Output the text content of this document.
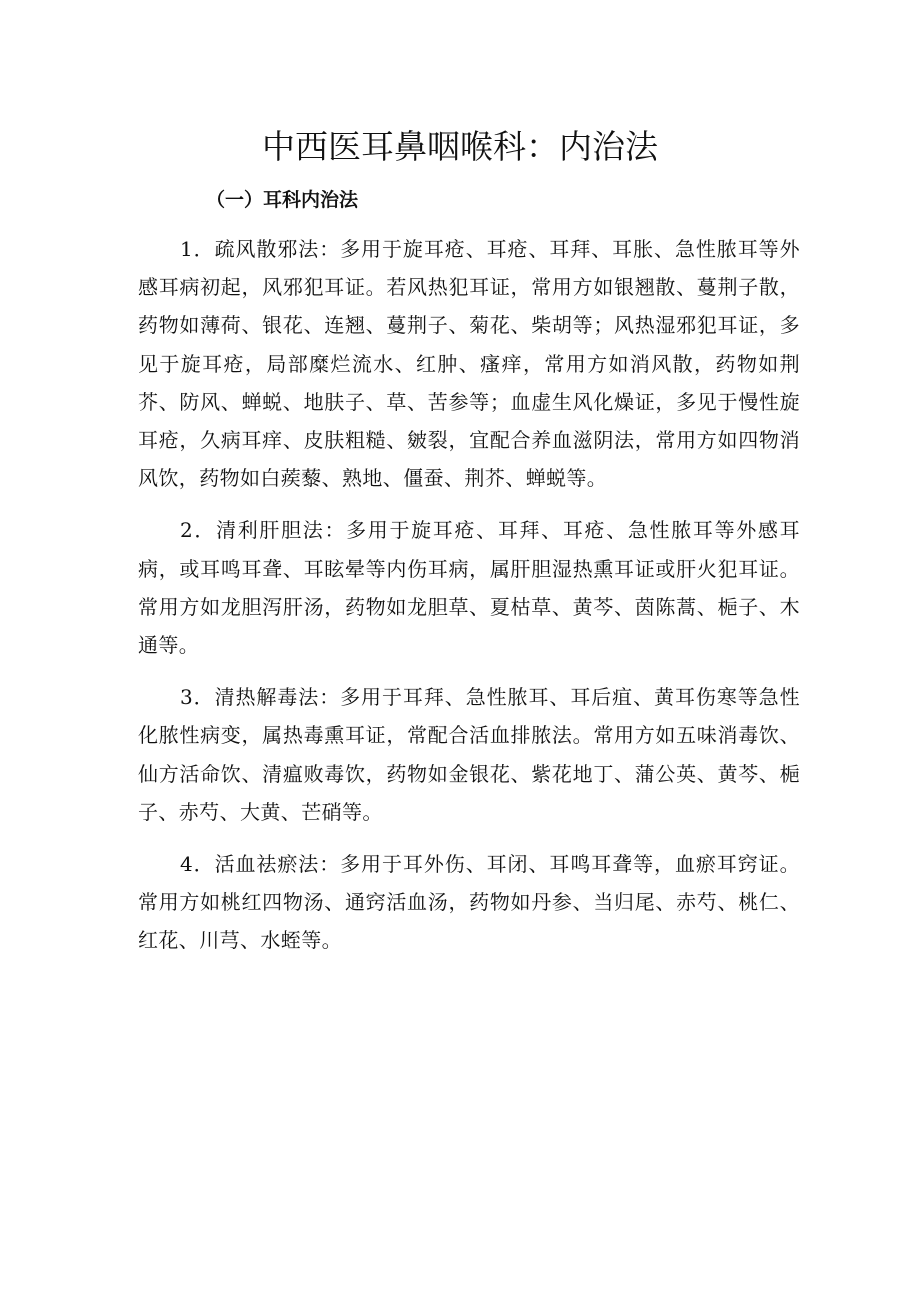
中西医耳鼻咽喉科：内治法
（一）耳科内治法

1．疏风散邪法：多用于旋耳疮、耳疮、耳拜、耳胀、急性脓耳等外感耳病初起，风邪犯耳证。若风热犯耳证，常用方如银翘散、蔓荆子散，药物如薄荷、银花、连翘、蔓荆子、菊花、柴胡等；风热湿邪犯耳证，多见于旋耳疮，局部糜烂流水、红肿、瘙痒，常用方如消风散，药物如荆芥、防风、蝉蜕、地肤子、草、苦参等；血虚生风化燥证，多见于慢性旋耳疮，久病耳痒、皮肤粗糙、皴裂，宜配合养血滋阴法，常用方如四物消风饮，药物如白蒺藜、熟地、僵蚕、荆芥、蝉蜕等。

2．清利肝胆法：多用于旋耳疮、耳拜、耳疮、急性脓耳等外感耳病，或耳鸣耳聋、耳眩晕等内伤耳病，属肝胆湿热熏耳证或肝火犯耳证。常用方如龙胆泻肝汤，药物如龙胆草、夏枯草、黄芩、茵陈蒿、梔子、木通等。

3．清热解毒法：多用于耳拜、急性脓耳、耳后疽、黄耳伤寒等急性化脓性病变，属热毒熏耳证，常配合活血排脓法。常用方如五味消毒饮、仙方活命饮、清瘟败毒饮，药物如金银花、紫花地丁、蒲公英、黄芩、梔子、赤芍、大黄、芒硝等。

4．活血祛瘀法：多用于耳外伤、耳闭、耳鸣耳聋等，血瘀耳窍证。常用方如桃红四物汤、通窍活血汤，药物如丹参、当归尾、赤芍、桃仁、红花、川芎、水蛭等。
